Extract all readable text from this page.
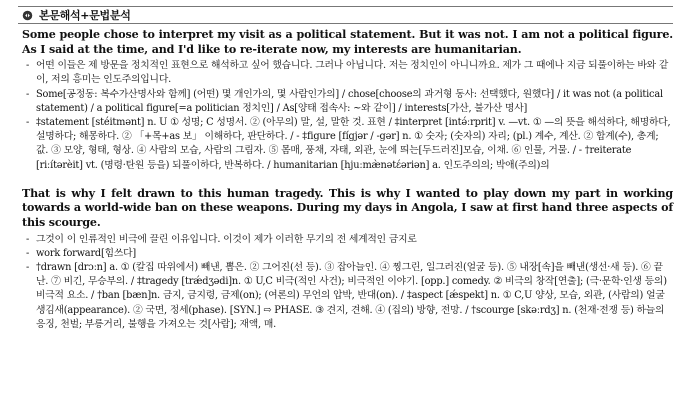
본문해석+문법분석

Some people chose to interpret my visit as a political statement. But it was not. I am not a political figure. As I said at the time, and I'd like to re-iterate now, my interests are humanitarian.

- 어떤 이들은 제 방문을 정치적인 표현으로 해석하고 싶어 했습니다. 그러나 아닙니다. 저는 정치인이 아니니까요. 제가 그 때에나 지금 되풀이하는 바와 같이, 저의 흥미는 인도주의입니다.
- Some[공정동: 복수가산명사와 함께] (어떤) 몇 개인가의, 몇 사람인가의] / chose[choose의 과거형 동사: 선택했다, 원했다] / it was not (a political statement) / a political figure[=a politician 정치인] / As[양태 접속사: ~와 같이] / interests[가산, 불가산 명사]
- ‡statement [stéitmənt] n. U ① 성명; C 성명서. ② (아무의) 말, 설, 말한 것. 표현 / ‡interpret [intə́ːrprit] v. —vt. ① —의 뜻을 해석하다, 해명하다, 설명하다; 해몽하다. ② 「+목+as 보」 이해하다, 판단하다. / - ‡figure [fígjər / -gər] n. ① 숫자; (숫자의) 자리; (pl.) 계수, 계산. ② 합계(수), 총계; 값. ③ 모양, 형태, 형상. ④ 사람의 모습, 사람의 그림자. ⑤ 몸매, 풍채, 자태, 외관, 눈에 띄는[두드러진]모습, 이채. ⑥ 인물, 거물. / - †reiterate [riːítərèit] vt. (명령·탄원 등을) 되풀이하다, 반복하다. / humanitarian [hjuːmæ̀nətɛ́əriən] a. 인도주의의; 박애(주의)의

That is why I felt drawn to this human tragedy. This is why I wanted to play down my part in working towards a world-wide ban on these weapons. During my days in Angola, I saw at first hand three aspects of this scourge.

- 그것이 이 인류적인 비극에 끌린 이유입니다. 이것이 제가 이러한 무기의 전 세계적인 금지로
- work forward[힘쓰다]
- †drawn [drɔːn] a. ① (칼집 따위에서) 빼낸, 뽑은. ② 그어진(선 등). ③ 잡아늘인. ④ 찡그린, 일그러진(얼굴 등). ⑤ 내장[속]을 빼낸(생선·새 등). ⑥ 끝난. ⑦ 비긴, 무승부의. / ‡tragedy [trǽdʒədi]n. ① U,C 비극(적인 사건); 비극적인 이야기. [opp.] comedy. ② 비극의 창작[연출]; (극·문학·인생 등의) 비극적 요소. / †ban [bæn]n. 금지, 금지령, 금제(on); (여론의) 무언의 압박, 반대(on). / ‡aspect [ǽspekt] n. ① C,U 양상, 모습, 외관, (사람의) 얼굴 생김새(appearance). ② 국면, 정세(phase). [SYN.] ⇨ PHASE. ③ 견지, 견해. ④ (집의) 방향, 전망. / †scourge [skəːrdʒ] n. (천재·전쟁 등) 하늘의 응징, 천벌; 부릉거리, 불행을 가져오는 것[사람]; 재액, 매.
